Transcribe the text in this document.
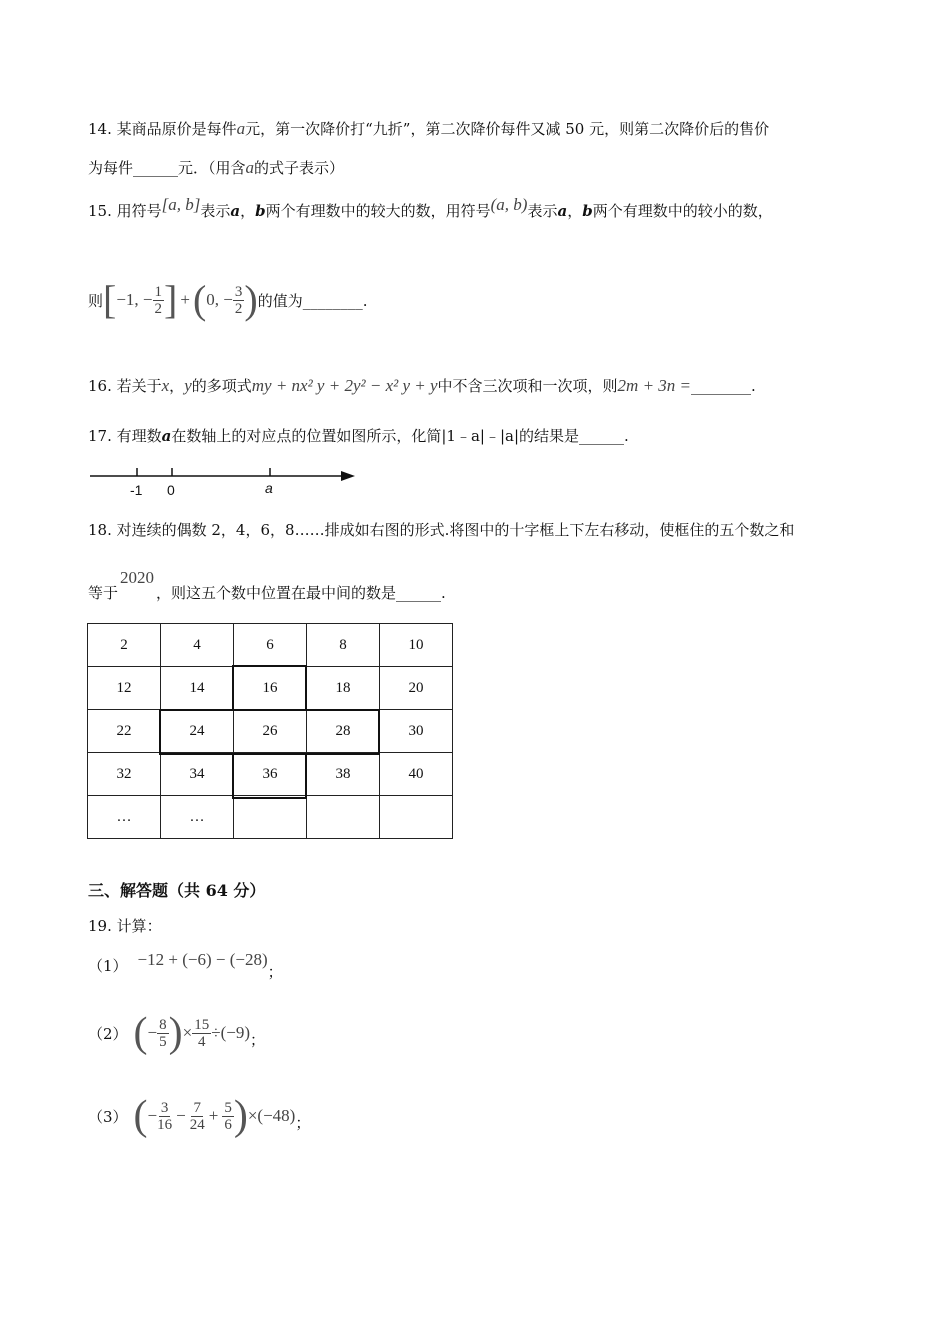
14. 某商品原价是每件a元，第一次降价打“九折”，第二次降价每件又减 50 元，则第二次降价后的售价
为每件______元．（用含a的式子表示）
15. 用符号[a, b]表示a，b两个有理数中的较大的数，用符号(a, b)表示a，b两个有理数中的较小的数，
则 [ −1, − $\frac{1}{2}$ ] + ( 0, − $\frac{3}{2}$ ) 的值为________.
16. 若关于x，y的多项式my + nx² y + 2y² − x² y + y中不含三次项和一次项，则2m + 3n =________.
17. 有理数a在数轴上的对应点的位置如图所示，化简|1﹣a|﹣|a|的结果是______.
-1 0	a
18. 对连续的偶数 2，4，6，8……排成如右图的形式.将图中的十字框上下左右移动，使框住的五个数之和
等于2020，则这五个数中位置在最中间的数是______.
2	4	6	8	10
12	14	16	18	20
22	24	26	28	30
32	34	36	38	40
…	…			
三、解答题（共 64 分）
19. 计算：
（1） −12 + (−6) − (−28)
；
（2） ( − $\frac{8}{5}$ ) × $\frac{15}{4} \div(-9)$ ；
（3） ( − $\frac{3}{16} - \frac{7}{24} + \frac{5}{6}$ ) ×(−48) ；
